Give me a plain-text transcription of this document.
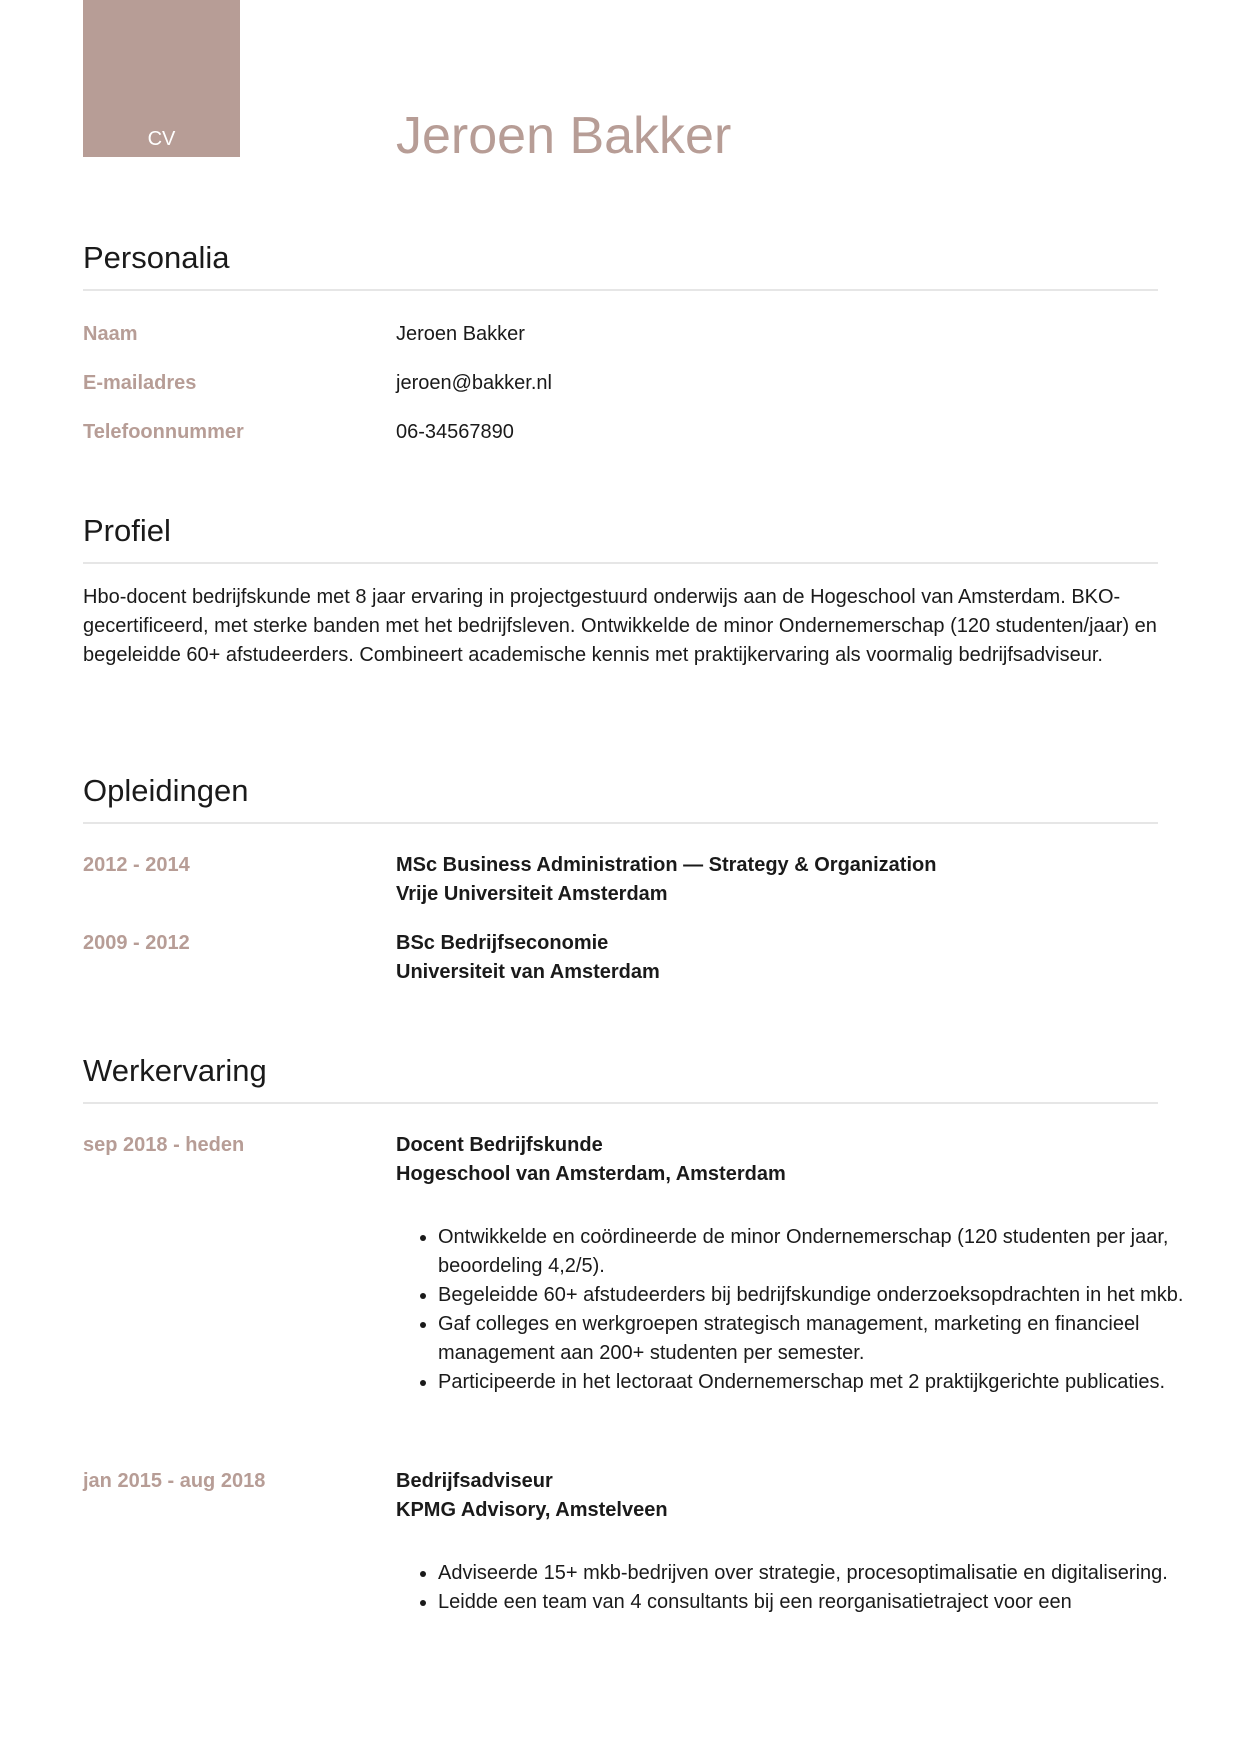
CV	Jeroen Bakker
Personalia
Naam	Jeroen Bakker
E-mailadres	jeroen@bakker.nl
Telefoonnummer	06-34567890
Profiel

Hbo-docent bedrijfskunde met 8 jaar ervaring in projectgestuurd onderwijs aan de Hogeschool van Amsterdam. BKO-gecertificeerd, met sterke banden met het bedrijfsleven. Ontwikkelde de minor Ondernemerschap (120 studenten/jaar) en begeleidde 60+ afstudeerders. Combineert academische kennis met praktijkervaring als voormalig bedrijfsadviseur.

Opleidingen
2012 - 2014	MSc Business Administration — Strategy & Organization
Vrije Universiteit Amsterdam
2009 - 2012	BSc Bedrijfseconomie
Universiteit van Amsterdam
Werkervaring
sep 2018 - heden	Docent Bedrijfskunde
Hogeschool van Amsterdam, Amsterdam
• Ontwikkelde en coördineerde de minor Ondernemerschap (120 studenten per jaar, beoordeling 4,2/5).
• Begeleidde 60+ afstudeerders bij bedrijfskundige onderzoeksopdrachten in het mkb.
• Gaf colleges en werkgroepen strategisch management, marketing en financieel management aan 200+ studenten per semester.
• Participeerde in het lectoraat Ondernemerschap met 2 praktijkgerichte publicaties.
jan 2015 - aug 2018	Bedrijfsadviseur
KPMG Advisory, Amstelveen
• Adviseerde 15+ mkb-bedrijven over strategie, procesoptimalisatie en digitalisering.
• Leidde een team van 4 consultants bij een reorganisatietraject voor een
